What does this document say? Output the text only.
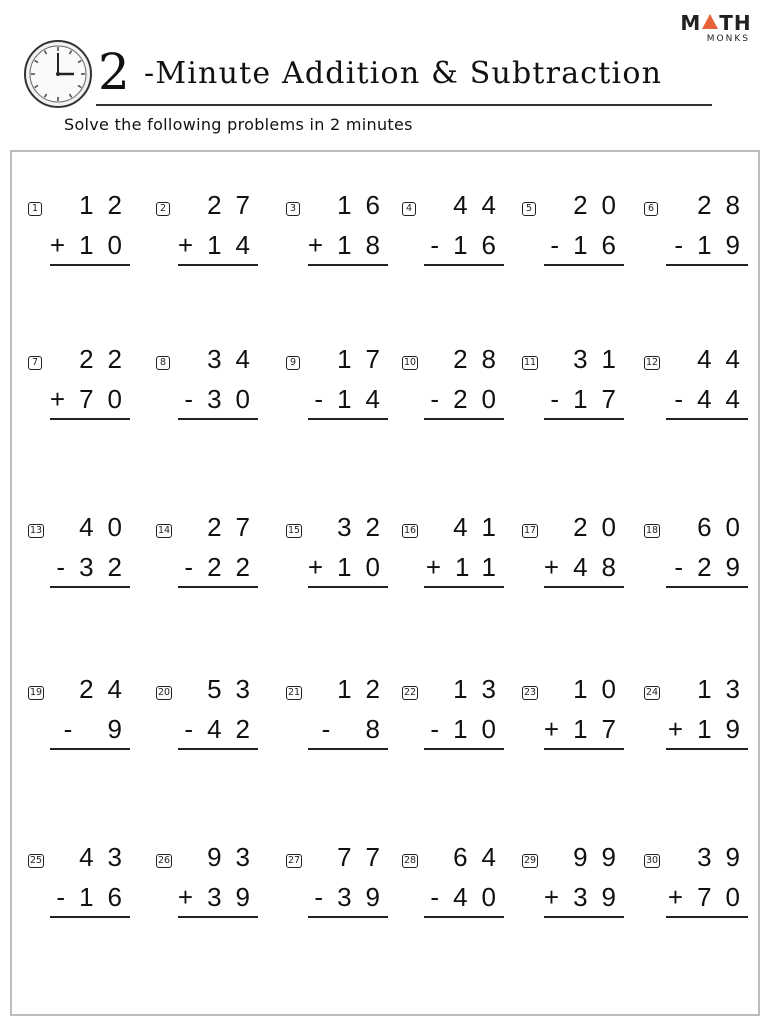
2 -Minute Addition & Subtraction
M TH
MONKS
Solve the following problems in 2 minutes
1 12
+10
2 27
+14
3 16
+18
4 44
-16
5 20
-16
6 28
-19
7 22
+70
8 34
-30
9 17
-14
10 28
-20
11 31
-17
12 44
-44
13 40
-32
14 27
-22
15 32
+10
16 41
+11
17 20
+48
18 60
-29
19 24
- 9
20 53
-42
21 12
- 8
22 13
-10
23 10
+17
24 13
+19
25 43
-16
26 93
+39
27 77
-39
28 64
-40
29 99
+39
30 39
+70
